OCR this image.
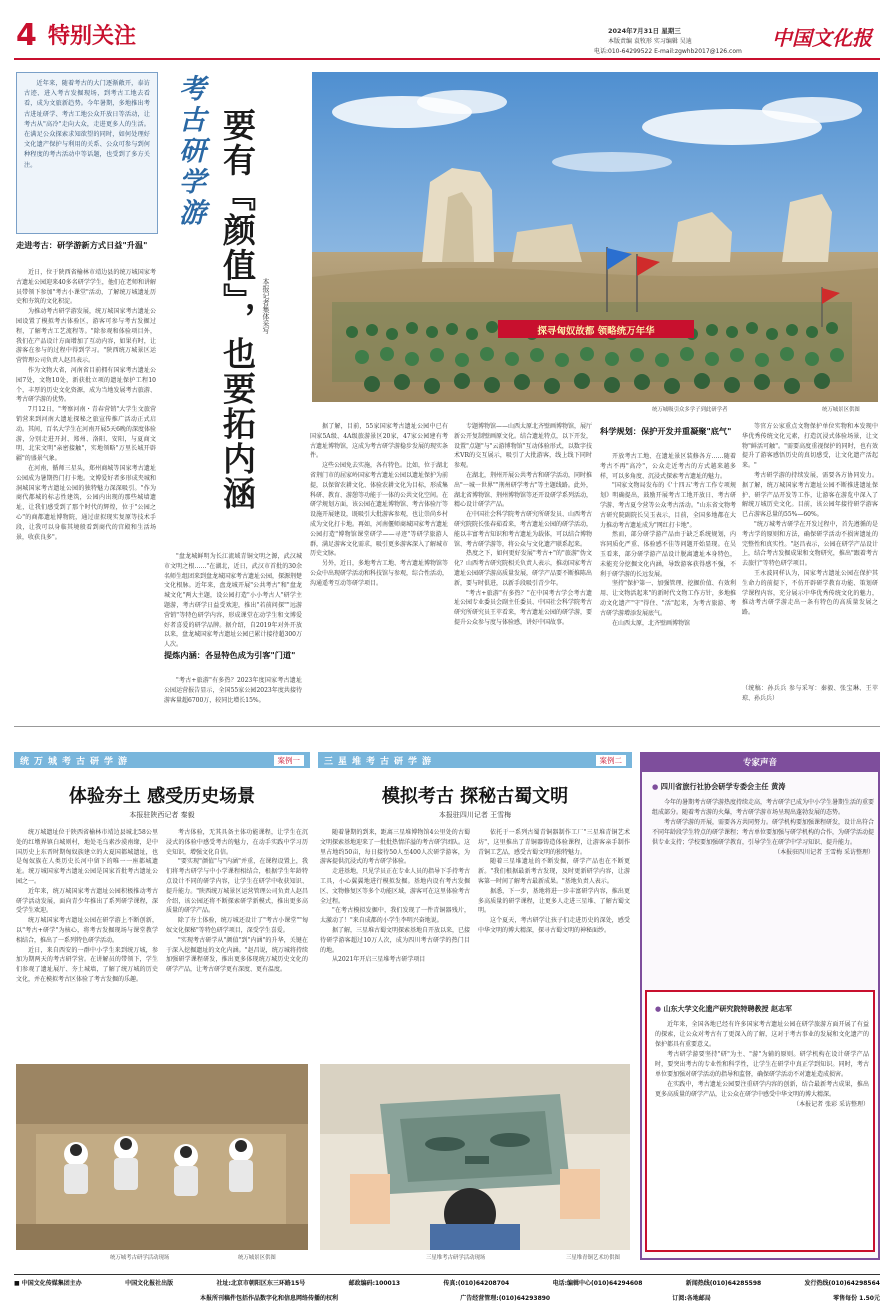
4 特别关注	2024年7月31日 星期三
本版责编 袁牧形 实习编辑 吴迪
电话:010-64299522 E-mail:zgwhb2017@126.com
中国文化报
近年来，随着考古的大门逐渐敞开，泰访古迹、进入考古发掘现场，到考古工地去看看，成为文旅新趋势。今年暑期，多地推出考古进址研学、考古工地公众开放日等活动，让考古从"高冷"走向大众，走进更多人的生活。在满足公众探索求知欲望的同时，如何处理好文化遗产保护与利用的关系、公众可参与到何种程度的考古活动中等话题，也受到了多方关注。	考古研学游 要有『颜值』，也要拓内涵 本报记者集体采写	探寻匈奴故都 领略统万年华
统万城吸引众多学子到此研学者	统万城景区供图
走进考古：研学游新方式日益"升温"

近日，位于陕西省榆林市靖边县的统万城国家考古遗址公园迎来40多名研学学生，他们在老师和讲解员带领下参加"考古小课堂"活动，了解统万城遗址历史和夯筑的文化积淀。

为推动考古研学游发展，统万城国家考古遗址公园设置了模拟考古体验区，游客可参与考古发掘过程，了解考古工艺流程等。"除参观和体验项目外，我们在产品设计方面增加了互动内容，如果有时，让游客在参与的过程中得到学习。"陕西统万城景区运营管理公司负责人赵昌表示。

作为文物大省，河南省目前拥有国家考古遗址公园7处，文物10处，新获批立项的遗址保护工程10个，丰厚的历史文化资源，成为当地发展考古旅游、考古研学游的优势。

7月12日，"考察河南・青春营销"大学生文旅营销营来到河南大遗址探秘之旅宣传推广活动正式启动。其间，百名大学生在河南开展5天6晚的深度体验游，分别走进开封、郑州、洛阳、安阳，与夏商文明、北宋文明"亲密接触"，实地领略"万里长城开辟疆"的盛景气象。

在河南，循师三星头，郑州商城等国家考古遗址公园成为暑期热门打卡地。文博爱好者多形成夹城和洞城国家考古遗址公园的独特魅力深深吸引。"作为商代都城的标志性建筑，公园内出现的那些城墙遗址，让我们感受到了那个时代的辉煌，位于"公园之心"的商都遗址博物院，通过虚拟现实复原等技术手段，让我可以身临其境般看到商代的宫殿和生活场景，收获良多"。

"盘龙城鲜明为长江流域青铜文明之源，武汉城市文明之根……"在湖北，近日，武汉市首批的30余名师生组团来到盘龙城国家考古遗址公园，探源荆楚文化根脉。近年来，盘龙城开展"公共考古"和"盘龙城文化"两大主题，设公园打造"小小考古人"研学主题游，考古研学日益受欢迎，推出"若前问探""远游营销"等特色研学内容，形成课堂在动学生和文博爱好者喜爱的研学品牌。据介绍，自2019年对外开放以来，盘龙城国家考古遗址公园已累计接待超300万人次。

提炼内涵：各显特色成为引客"门道"

"考古+旅游"有多热？2023年度国家考古遗址公园运营报告显示，全国55家公园2023年度共接待游客量超6700万，较同比增长15%。

据了解，目前，55家国家考古遗址公园中已有国家5A级、4A级旅游景区20家，47家公园建有考古遗址博物馆，这成为考古研学游稳步发展的现实条件。

这些公园免去实施，各有特色。比如，位于湖北省荆门市的屈家岭国家考古遗址公园以遗址保护为前提，以保留农耕文化、体验农耕文化为目标，形成集科研、教育、游憩等功能于一体的公共文化空间。在研学规划方面，该公园在遗址博物馆、考古体验厅等设施开展建设，既吸引大批游客参观，也让崇尚乡村成为文化打卡地。再如，河南偃师商城国家考古遗址公园打造"博物馆课堂研学——寻迹"等研学旅游人群，满足游客文化需求，吸引更多游客深入了解城市历史文脉。

另外，近日，多地考古工地、考古遗址博物馆等公众中出现研学活动和科技馆与参观，综合性活动，沟通遥考互动等研学项目。

专题博物馆——山西太原北齐壁画博物馆，展厅新公开复制壁画原文化。结合遗址特点，以下开发，设置"点题"与"云游博物馆"互动体验形式，以数字技术VR的交互展示，吸引了大批游客，线上线下同时参观。

在湖北，荆州开展公共考古和研学活动，同时推出"一城一世界""荆州研学考古"等主题线路。此外，湖北省博物馆、荆州博物馆等还开设研学系列活动，精心设计研学产品。

在中国社会科学院考古研究所研发员、山西考古研究院院长张春茹看来，考古遗址公园的研学活动，能以丰富考古知识和考古遗址为载体，可以结合博物馆、考古研学游等，将公众与文化遗产联系起来。

热度之下，如何更好发展"考古+"的"旅游"伪文化？山西考古研究院相关负责人表示，推动国家考古遗址公园研学游高质量发展，研学产品要不断推陈出新，要与时俱进，以新手段吸引青少年。

"考古+旅游"有多热？"在中国考古学会考古遗址公园专业委员会副主任委员、中国社会科学院考古研究所研究员王苹看来，考古遗址公园的研学游，要提升公众参与度与体验感，讲好中国故事。

科学规划：保护开发并重凝聚"底气"

开放考古工地、在遗址景区装修各方……随着考古不再"高冷"，公众走近考古的方式越来越多样，可以多角度、沉浸式探索考古遗址的魅力。

"国家文物局发布的《'十四五'考古工作专项规划》明确提出，鼓励开展考古工地开放日、考古研学游、考古夏令营等公众考古活动。"山东省文物考古研究院副院长吴玉表示，目前，全国多地都在大力推动考古遗址成为"网红打卡地"。

然而，部分研学游产品由于缺乏系统规划，内容同质化严重、体验感不佳等问题开始显现。在吴玉看来，部分研学游产品设计脱离遗址本身特色，未能充分挖掘文化内涵，导致游客获得感不强，不利于研学游的长远发展。

坚持"保护第一、加强管理、挖掘价值、有效利用、让文物活起来"的新时代文物工作方针，多地推动文化遗产"守"得住、"活"起来，为考古旅游、考古研学游增添发展底气。

在山西太原，北齐壁画博物馆

等官方公家重点文物保护单位实物和本发现中华优秀传统文化元素，打造沉浸式体验场景，让文物"鲜活可触"。"需要高度重视保护的同时，也有效提升了游客感悟历史的真切感受，让文化遗产活起来。"

考古研学游的持续发展，需要各方协同发力。据了解，统万城国家考古遗址公园不断推进遗址保护、研学产品开发等工作，让游客在游览中深入了解统万城历史文化。目前，该公园年接待研学游客已占游客总量的55%—60%。

"统万城考古研学在开发过程中，首先遵循的是考古学的原则和方法，确保研学活动不损害遗址的完整性和真实性。"赵昌表示，公园在研学产品设计上，结合考古发掘成果和文物研究，推出"跟着考古去旅行"等特色研学项目。

王永波同样认为，国家考古遗址公园在保护其生命力的前提下，不仿开辟研学教育功能、策划研学课程内容，充分展示中华优秀传统文化的魅力，推动考古研学游走出一条有特色的高质量发展之路。

（统稿：孙兵兵 参与采写：秦毅、张宝琳、王苹琼、孙兵兵）
统万城考古研学游	案例一
体验夯土 感受历史场景
本报驻陕西记者 秦毅

统万城遗址位于陕西省榆林市靖边县城北58公里处的红墩界镇白城则村，地处毛乌素沙漠南缘，是中国历史上东晋时期匈奴族建立的大夏国都城遗址，也是匈奴族在人类历史长河中留下的唯一一座都城遗址。统万城国家考古遗址公园是国家首批考古遗址公园之一。

近年来，统万城国家考古遗址公园积极推动考古研学活动发展，面向青少年推出了系列研学课程，深受学生欢迎。

统万城国家考古遗址公园在研学游上不断创新，以"考古+研学"为核心，将考古发掘现场与课堂教学相结合，推出了一系列特色研学活动。

近日，来自西安的一群中小学生来到统万城，参加为期两天的考古研学营。在讲解员的带领下，学生们参观了遗址展厅、夯土城墙，了解了统万城的历史文化，并在模拟考古区体验了考古发掘的乐趣。

考古体验，无其具备主体功能课程，让学生在沉浸式的体验中感受考古的魅力，在动手实践中学习历史知识，增强文化自信。

"要实现"颜值"与"内涵"并重，在课程设置上，我们将考古研学与中小学课程相结合，根据学生年龄特点设计不同的研学内容，让学生在研学中收获知识、提升能力。"陕西统万城景区运营管理公司负责人赵昌介绍，该公园还将不断探索研学新模式，推出更多高质量的研学产品。

除了夯土体验，统万城还设计了"考古小课堂""匈奴文化探秘"等特色研学项目，深受学生喜爱。

"实现考古研学从"颜值"到"内涵"的升华，关键在于深入挖掘遗址的文化内涵。"赵昌说，统万城将持续加强研学课程研发，推出更多体现统万城历史文化的研学产品，让考古研学更有深度、更有温度。

统万城考古研学活动现场	统万城景区供图
三星堆考古研学游	案例二
模拟考古 探秘古蜀文明
本报驻四川记者 王雪梅

随着暑期的到来，距离三星堆博物馆4公里处的古蜀文明探索基地迎来了一批批热情洋溢的考古研学团队。这里占地约50亩，每日接待50人至400人次研学游客，为游客提供沉浸式的考古研学体验。

走进基地，只见学员正在专业人员的指导下手持考古工具，小心翼翼地进行模拟发掘。基地内设有考古发掘区、文物修复区等多个功能区域，游客可在这里体验考古全过程。

"在考古模拟发掘中，我们发现了一件青铜器残片，太激动了！"来自成都的小学生李明兴奋地说。

据了解，三星堆古蜀文明探索基地自开放以来，已接待研学游客超过10万人次，成为四川考古研学的热门目的地。

从2021年开启三星堆考古研学项目

依托于一系列古蜀青铜器制作工厂"三星堆青铜艺术坊"，这里推出了青铜器铸造体验课程，让游客亲手制作青铜工艺品，感受古蜀文明的独特魅力。

随着三星堆遗址的不断发掘，研学产品也在不断更新。"我们根据最新考古发现，及时更新研学内容，让游客第一时间了解考古最新成果。"基地负责人表示。

据悉，下一步，基地将进一步丰富研学内容，推出更多高质量的研学课程，让更多人走进三星堆、了解古蜀文明。

这个夏天，考古研学让孩子们走进历史的深处，感受中华文明的博大精深，探寻古蜀文明的神秘面纱。

三星堆考古研学活动现场	三星堆青铜艺术坊供图
专家声音
● 四川省旅行社协会研学专委会主任 黄涛

今年的暑期考古研学游热度持续走高，考古研学已成为中小学生暑期生活的重要组成部分。随着考古游的火爆，考古研学游市场呈现出蓬勃发展的态势。

考古研学游的开展，需要各方共同努力。研学机构要加强课程研发，设计出符合不同年龄段学生特点的研学课程；考古单位要加强与研学机构的合作，为研学活动提供专业支持；学校要加强研学教育，引导学生在研学中学习知识、提升能力。

（本报驻四川记者 王雪梅 采访整理）

● 山东大学文化遗产研究院特聘教授 赵志军

近年来，全国各地已经有许多国家考古遗址公园在研学旅游方面开展了有益的探索，让公众对考古有了更深入的了解，这对于考古事业的发展和文化遗产的保护都具有重要意义。

考古研学游要坚持"研"为主、"游"为辅的原则。研学机构在设计研学产品时，要突出考古的专业性和科学性，让学生在研学中真正学到知识。同时，考古单位要加强对研学活动的指导和监督，确保研学活动不对遗址造成损害。

在实践中，考古遗址公园要注重研学内容的创新，结合最新考古成果，推出更多高质量的研学产品，让公众在研学中感受中华文明的博大精深。

（本报记者 张彩 采访整理）

■ 中国文化传媒集团主办	中国文化报社出版	社址:北京市朝阳区东三环路15号	邮政编码:100013	传真:(010)64208704	电话:编辑中心(010)64294608	新闻热线(010)64285598	发行热线(010)64298564
本报所刊稿件包括作品数字化和信息网络传播的权利	广告经营管理:(010)64293890	订阅:各地邮局	零售每份 1.50元
